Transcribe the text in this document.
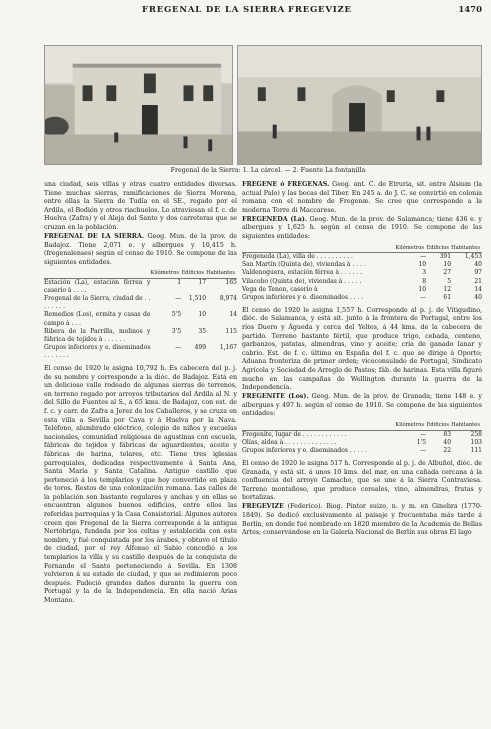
FREGENAL DE LA SIERRA FREGEVIZE	1470
Fregenal de la Sierra: 1. La cárcel. — 2. Fuente La fontanilla

una ciudad, seis villas y otras cuatro entidades diversas. Tiene muchas sierras, ramificaciones de Sierra Morena, entre ellas la Sierra de Tudía en el SE., regado por el Ardila, el Bodión y otros riachuelos. Lo atraviesan el f. c. de Huelva (Zafra) y el Aleja del Santo y dos carreteras que se cruzan en la población.

FREGENAL DE LA SIERRA. Geog. Mun. de la prov. de Badajoz. Tiene 2,071 e. y albergues y 10,415 h. (fregenalenses) según el censo de 1910. Se compone de las siguientes entidades.

	Kilómetros	Edificios	Habitantes
Estación (La), estación férrea y caserío à . . . .	1	17	165
Fregenal de la Sierra, ciudad de . . . . . . . .	—	1,510	8,974
Remedios (Los), ermita y casas de campo à . . .	5'5	10	14
Ribera de la Parrilla, molinos y fábrica de tejidos à . . . . . .	3'5	35	115
Grupos inferiores y e. diseminados . . . . . . .	—	499	1,167

El censo de 1920 le asigna 10,792 h. Es cabecera del p. j. de su nombre y corresponde a la dióc. de Badajoz. Está en un delicioso valle rodeado de algunas sierras de terrenos, en terreno regado por arroyos tributarios del Ardila al N. y del Sillo de Fuentes al S., a 65 kms. de Badajoz, con est. de f. c. y carr. de Zafra a Jerez de los Caballeros, y se cruza en esta villa a Sevilla por Cava y á Huelva por la Nava. Teléfono, alumbrado eléctrico, colegio de niños y escuelas nacionales, comunidad religiosas de agustinas con escuela, fábricas de tejidos y fábricas de aguardientes, aceite y fábricas de harina, telares, etc. Tiene tres iglesias parroquiales, dedicadas respectivamente á Santa Ana, Santa María y Santa Catalina. Antiguo castillo que perteneció á los templarios y que hoy convertido en plaza de toros. Restos de una colonización romana. Las calles de la población son bastante regulares y anchas y en ellas se encuentran algunos buenos edificios, entre ellos las referidas parroquias y la Casa Consistorial. Algunos autores creen que Fregenal de la Sierra corresponde á la antigua Nertóbriga, fundada por los celtas y establecida con este nombre, y fué conquistada por los árabes, y obtuvo el título de ciudad, por el rey Alfonso el Sabio concedió a los templarios la villa y su castillo después de la conquista de Fernando el Santo perteneciendo á Sevilla. En 1308 volvieron á su estado de ciudad, y que se redimieron poco después. Padeció grandes daños durante la guerra con Portugal y la de la Independencia. En ella nació Arias Montano.

FREGENE ó FREGENAS. Geog. ant. C. de Etruria, sit. entre Alsium (la actual Palo) y las bocas del Tiber. En 245 a. de J. C. se convirtió en colonia romana con el nombre de Fregenæ. Se cree que corresponde a la moderna Torre di Maccarese.

FREGENEDA (La). Geog. Mun. de la prov. de Salamanca; tiene 436 e. y albergues y 1,625 h. según el censo de 1910. Se compone de las siguientes entidades:

	Kilómetros	Edificios	Habitantes
Fregeneda (La), villa de . . . . . . . . . .	—	391	1,453
San Martín (Quinta de), viviendas à . . . .	10	10	40
Valdenoguera, estación férrea à . . . . . .	3	27	97
Vilacobo (Quinta de), viviendas à . . . . .	8	5	21
Vega de Tenon, caserío à	10	12	14
Grupos inferiores y e. diseminados . . . .	—	61	40

El censo de 1920 le asigna 1,557 h. Corresponde al p. j. de Vitigudino, dióc. de Salamanca, y está sit. junto á la frontera de Portugal, entre los ríos Duero y Águeda y cerca del Yeltes, á 44 kms. de la cabecera de partido. Terreno bastante fértil, que produce trigo, cebada, centeno, garbanzos, patatas, almendras, vino y aceite; cría de ganado lanar y cabrío. Est. de f. c. última en España del f. c. que se dirige á Oporto; Aduana fronteriza de primer orden; viceconsulado de Portugal, Sindicato Agrícola y Sociedad de Arreglo de Pastos; fáb. de harinas. Esta villa figuró mucho en las campañas de Wellington durante la guerra de la Independencia.

FREGENITE (Los). Geog. Mun. de la prov. de Granada; tiene 148 e. y albergues y 497 h. según el censo de 1910. Se compone de las siguientes entidades:

	Kilómetros	Edificios	Habitantes
Fregenite, lugar de . . . . . . . . . . . .	—	83	258
Olías, aldea à . . . . . . . . . . . . . .	1'5	40	103
Grupos inferiores y e. diseminados . . . . .	—	22	111

El censo de 1920 le asigna 517 h. Corresponde al p. j. de Albuñol, dióc. de Granada, y está sit. á unos 10 kms. del mar, en una cañada cercana á la confluencia del arroyo Camacho, que se une á la Sierra Contraviesa. Terreno montañoso, que produce cereales, vino, almendras, frutas y hortalizas.

FREGEVIZE (Federico). Biog. Pintor suizo, n. y m. en Ginebra (1770-1849). Se dedicó exclusivamente al paisaje y frecuentaba más tarde á Berlín, en donde fué nombrado en 1820 miembro de la Academia de Bellas Artes; conservándose en la Galería Nacional de Berlín sus obras El lago
